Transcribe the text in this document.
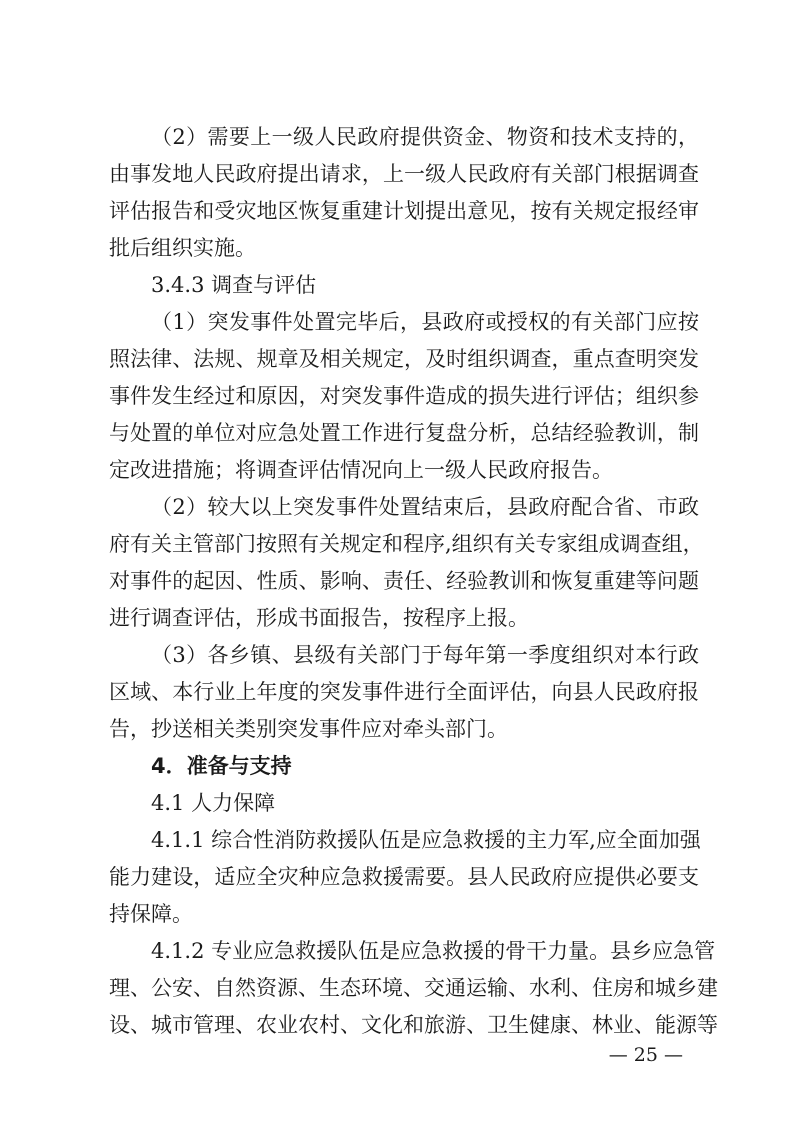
（2）需要上一级人民政府提供资金、物资和技术支持的，
由事发地人民政府提出请求，上一级人民政府有关部门根据调查
评估报告和受灾地区恢复重建计划提出意见，按有关规定报经审
批后组织实施。
3.4.3 调查与评估
（1）突发事件处置完毕后，县政府或授权的有关部门应按
照法律、法规、规章及相关规定，及时组织调查，重点查明突发
事件发生经过和原因，对突发事件造成的损失进行评估；组织参
与处置的单位对应急处置工作进行复盘分析，总结经验教训，制
定改进措施；将调查评估情况向上一级人民政府报告。
（2）较大以上突发事件处置结束后，县政府配合省、市政
府有关主管部门按照有关规定和程序,组织有关专家组成调查组，
对事件的起因、性质、影响、责任、经验教训和恢复重建等问题
进行调查评估，形成书面报告，按程序上报。
（3）各乡镇、县级有关部门于每年第一季度组织对本行政
区域、本行业上年度的突发事件进行全面评估，向县人民政府报
告，抄送相关类别突发事件应对牵头部门。
4．准备与支持
4.1 人力保障
4.1.1 综合性消防救援队伍是应急救援的主力军,应全面加强
能力建设，适应全灾种应急救援需要。县人民政府应提供必要支
持保障。
4.1.2 专业应急救援队伍是应急救援的骨干力量。县乡应急管
理、公安、自然资源、生态环境、交通运输、水利、住房和城乡建
设、城市管理、农业农村、文化和旅游、卫生健康、林业、能源等
— 25 —
